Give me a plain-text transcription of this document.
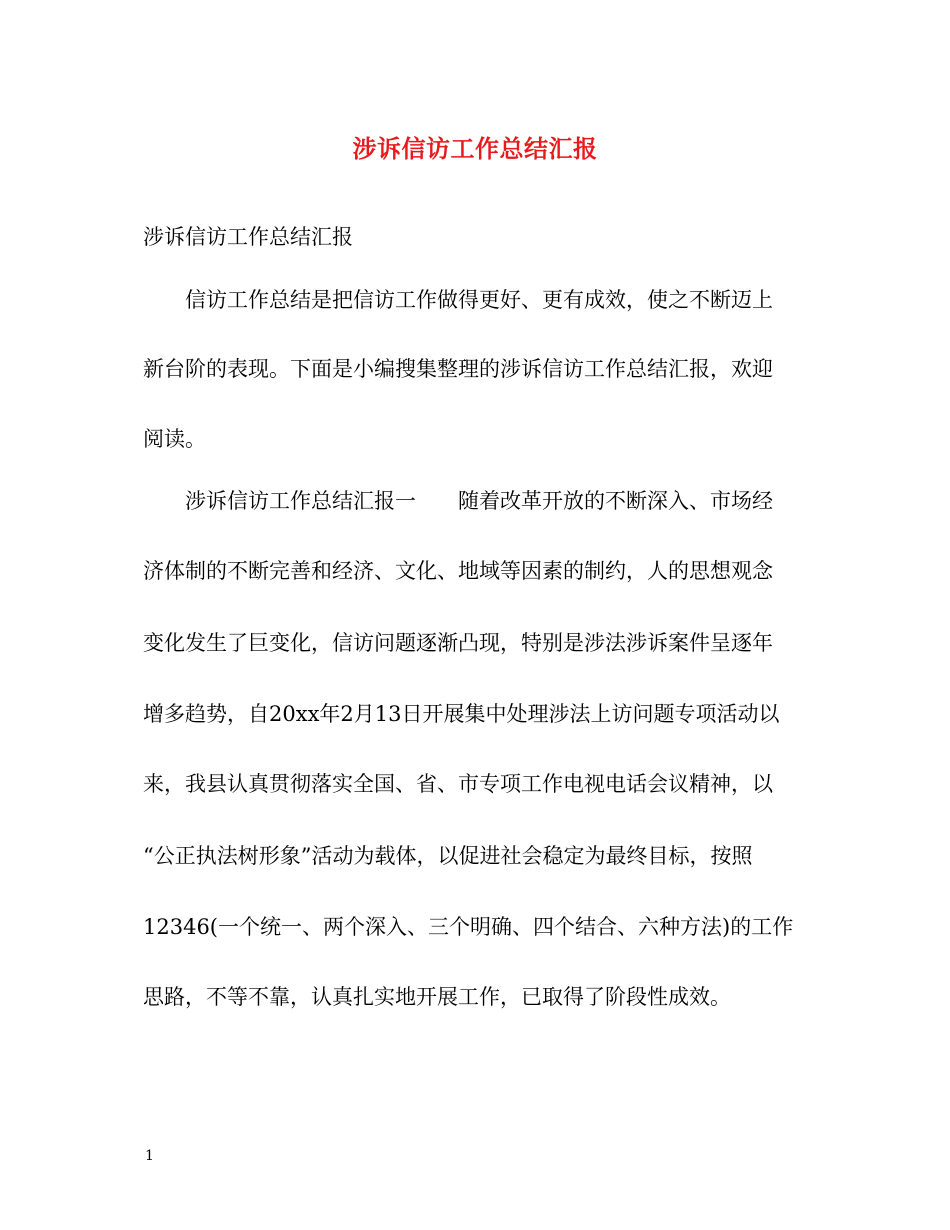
涉诉信访工作总结汇报
涉诉信访工作总结汇报
信访工作总结是把信访工作做得更好、更有成效，使之不断迈上
新台阶的表现。下面是小编搜集整理的涉诉信访工作总结汇报，欢迎
阅读。
涉诉信访工作总结汇报一　　随着改革开放的不断深入、市场经
济体制的不断完善和经济、文化、地域等因素的制约，人的思想观念
变化发生了巨变化，信访问题逐渐凸现，特别是涉法涉诉案件呈逐年
增多趋势，自20xx年2月13日开展集中处理涉法上访问题专项活动以
来，我县认真贯彻落实全国、省、市专项工作电视电话会议精神，以
“公正执法树形象”活动为载体，以促进社会稳定为最终目标，按照
12346(一个统一、两个深入、三个明确、四个结合、六种方法)的工作
思路，不等不靠，认真扎实地开展工作，已取得了阶段性成效。
1
